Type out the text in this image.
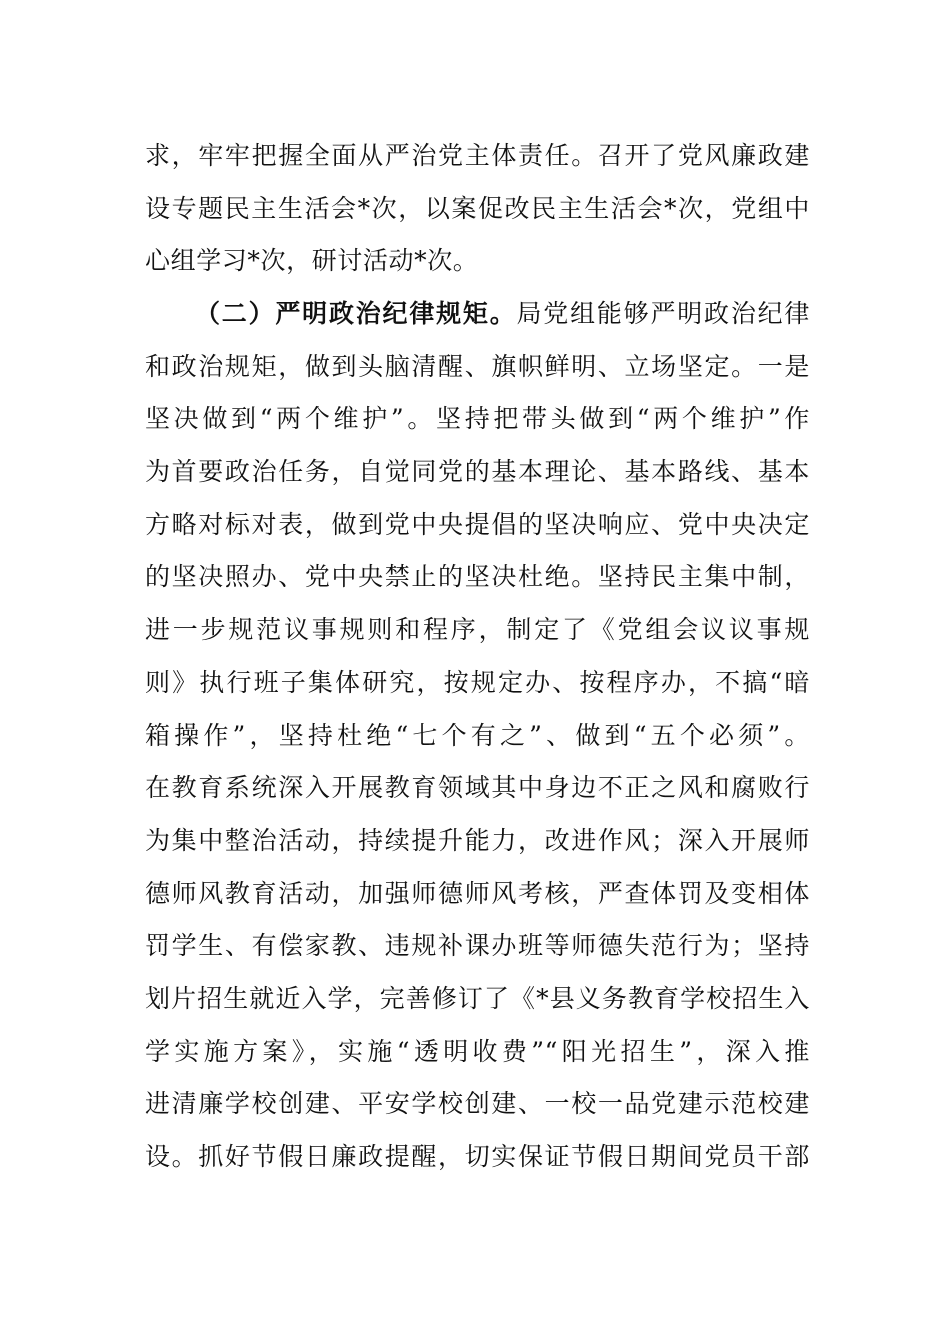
求，牢牢把握全面从严治党主体责任。召开了党风廉政建
设专题民主生活会*次，以案促改民主生活会*次，党组中
心组学习*次，研讨活动*次。
（二）严明政治纪律规矩。局党组能够严明政治纪律
和政治规矩，做到头脑清醒、旗帜鲜明、立场坚定。一是
坚决做到“两个维护”。坚持把带头做到“两个维护”作
为首要政治任务，自觉同党的基本理论、基本路线、基本
方略对标对表，做到党中央提倡的坚决响应、党中央决定
的坚决照办、党中央禁止的坚决杜绝。坚持民主集中制，
进一步规范议事规则和程序，制定了《党组会议议事规
则》执行班子集体研究，按规定办、按程序办，不搞“暗
箱操作”，坚持杜绝“七个有之”、做到“五个必须”。
在教育系统深入开展教育领域其中身边不正之风和腐败行
为集中整治活动，持续提升能力，改进作风；深入开展师
德师风教育活动，加强师德师风考核，严查体罚及变相体
罚学生、有偿家教、违规补课办班等师德失范行为；坚持
划片招生就近入学，完善修订了《*县义务教育学校招生入
学实施方案》，实施“透明收费”“阳光招生”，深入推
进清廉学校创建、平安学校创建、一校一品党建示范校建
设。抓好节假日廉政提醒，切实保证节假日期间党员干部
